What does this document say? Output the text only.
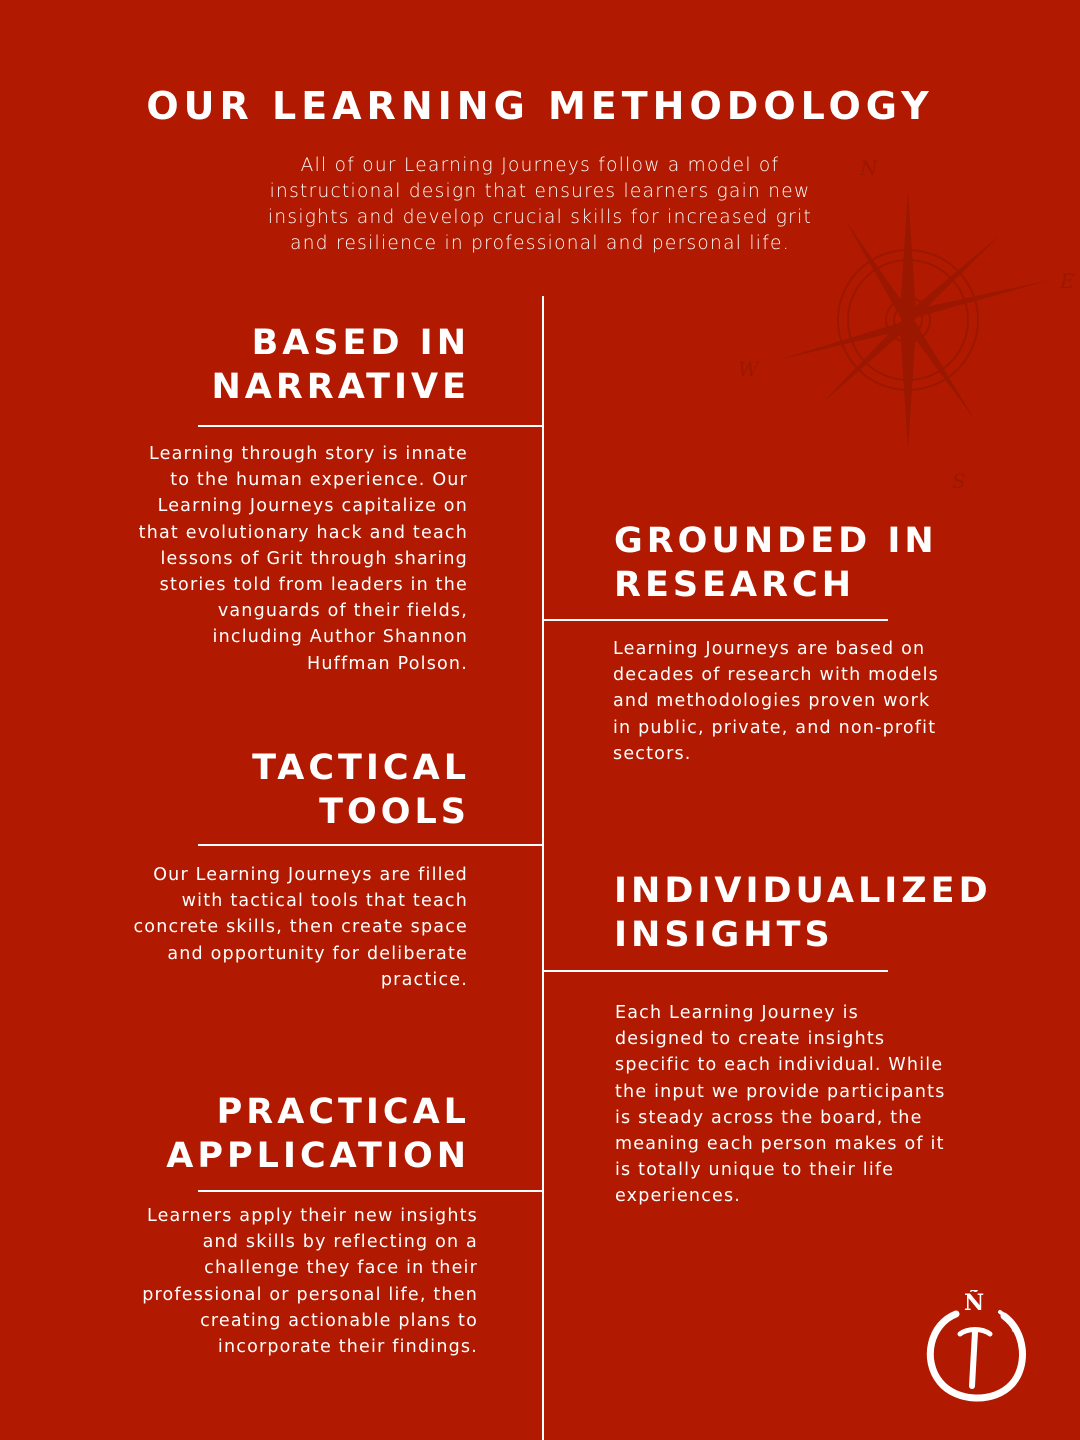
N
E
S
W
OUR LEARNING METHODOLOGY

All of our Learning Journeys follow a model of
instructional design that ensures learners gain new
insights and develop crucial skills for increased grit
and resilience in professional and personal life.

BASED IN
NARRATIVE

Learning through story is innate
to the human experience. Our
Learning Journeys capitalize on
that evolutionary hack and teach
lessons of Grit through sharing
stories told from leaders in the
vanguards of their fields,
including Author Shannon
Huffman Polson.

GROUNDED IN
RESEARCH

Learning Journeys are based on
decades of research with models
and methodologies proven work
in public, private, and non-profit
sectors.

TACTICAL
TOOLS

Our Learning Journeys are filled
with tactical tools that teach
concrete skills, then create space
and opportunity for deliberate
practice.

INDIVIDUALIZED
INSIGHTS

Each Learning Journey is
designed to create insights
specific to each individual. While
the input we provide participants
is steady across the board, the
meaning each person makes of it
is totally unique to their life
experiences.

PRACTICAL
APPLICATION

Learners apply their new insights
and skills by reflecting on a
challenge they face in their
professional or personal life, then
creating actionable plans to
incorporate their findings.

Ñ
